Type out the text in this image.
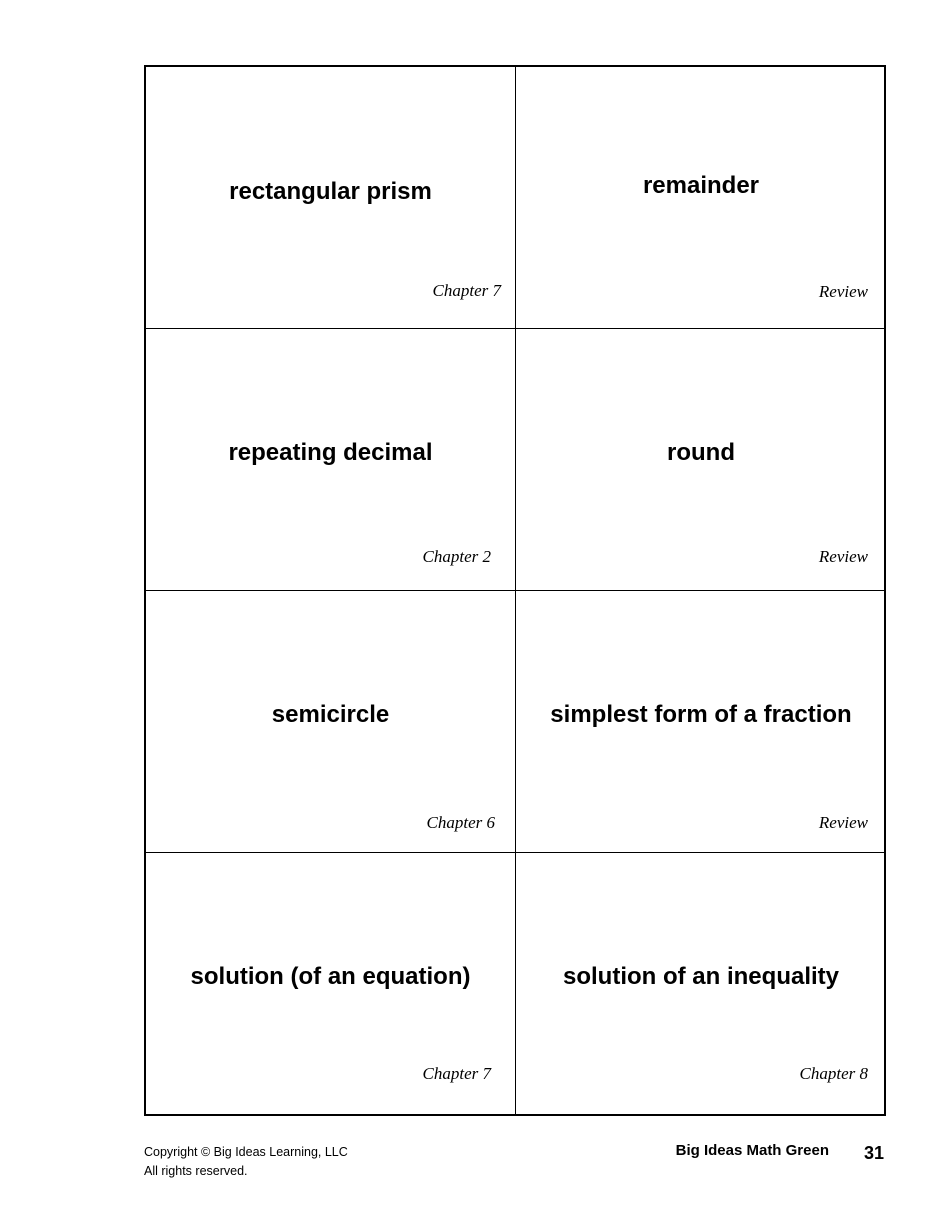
rectangular prism
Chapter 7
remainder
Review
repeating decimal
Chapter 2
round
Review
semicircle
Chapter 6
simplest form of a fraction
Review
solution (of an equation)
Chapter 7
solution of an inequality
Chapter 8
Copyright © Big Ideas Learning, LLC
All rights reserved.
Big Ideas Math Green 31
